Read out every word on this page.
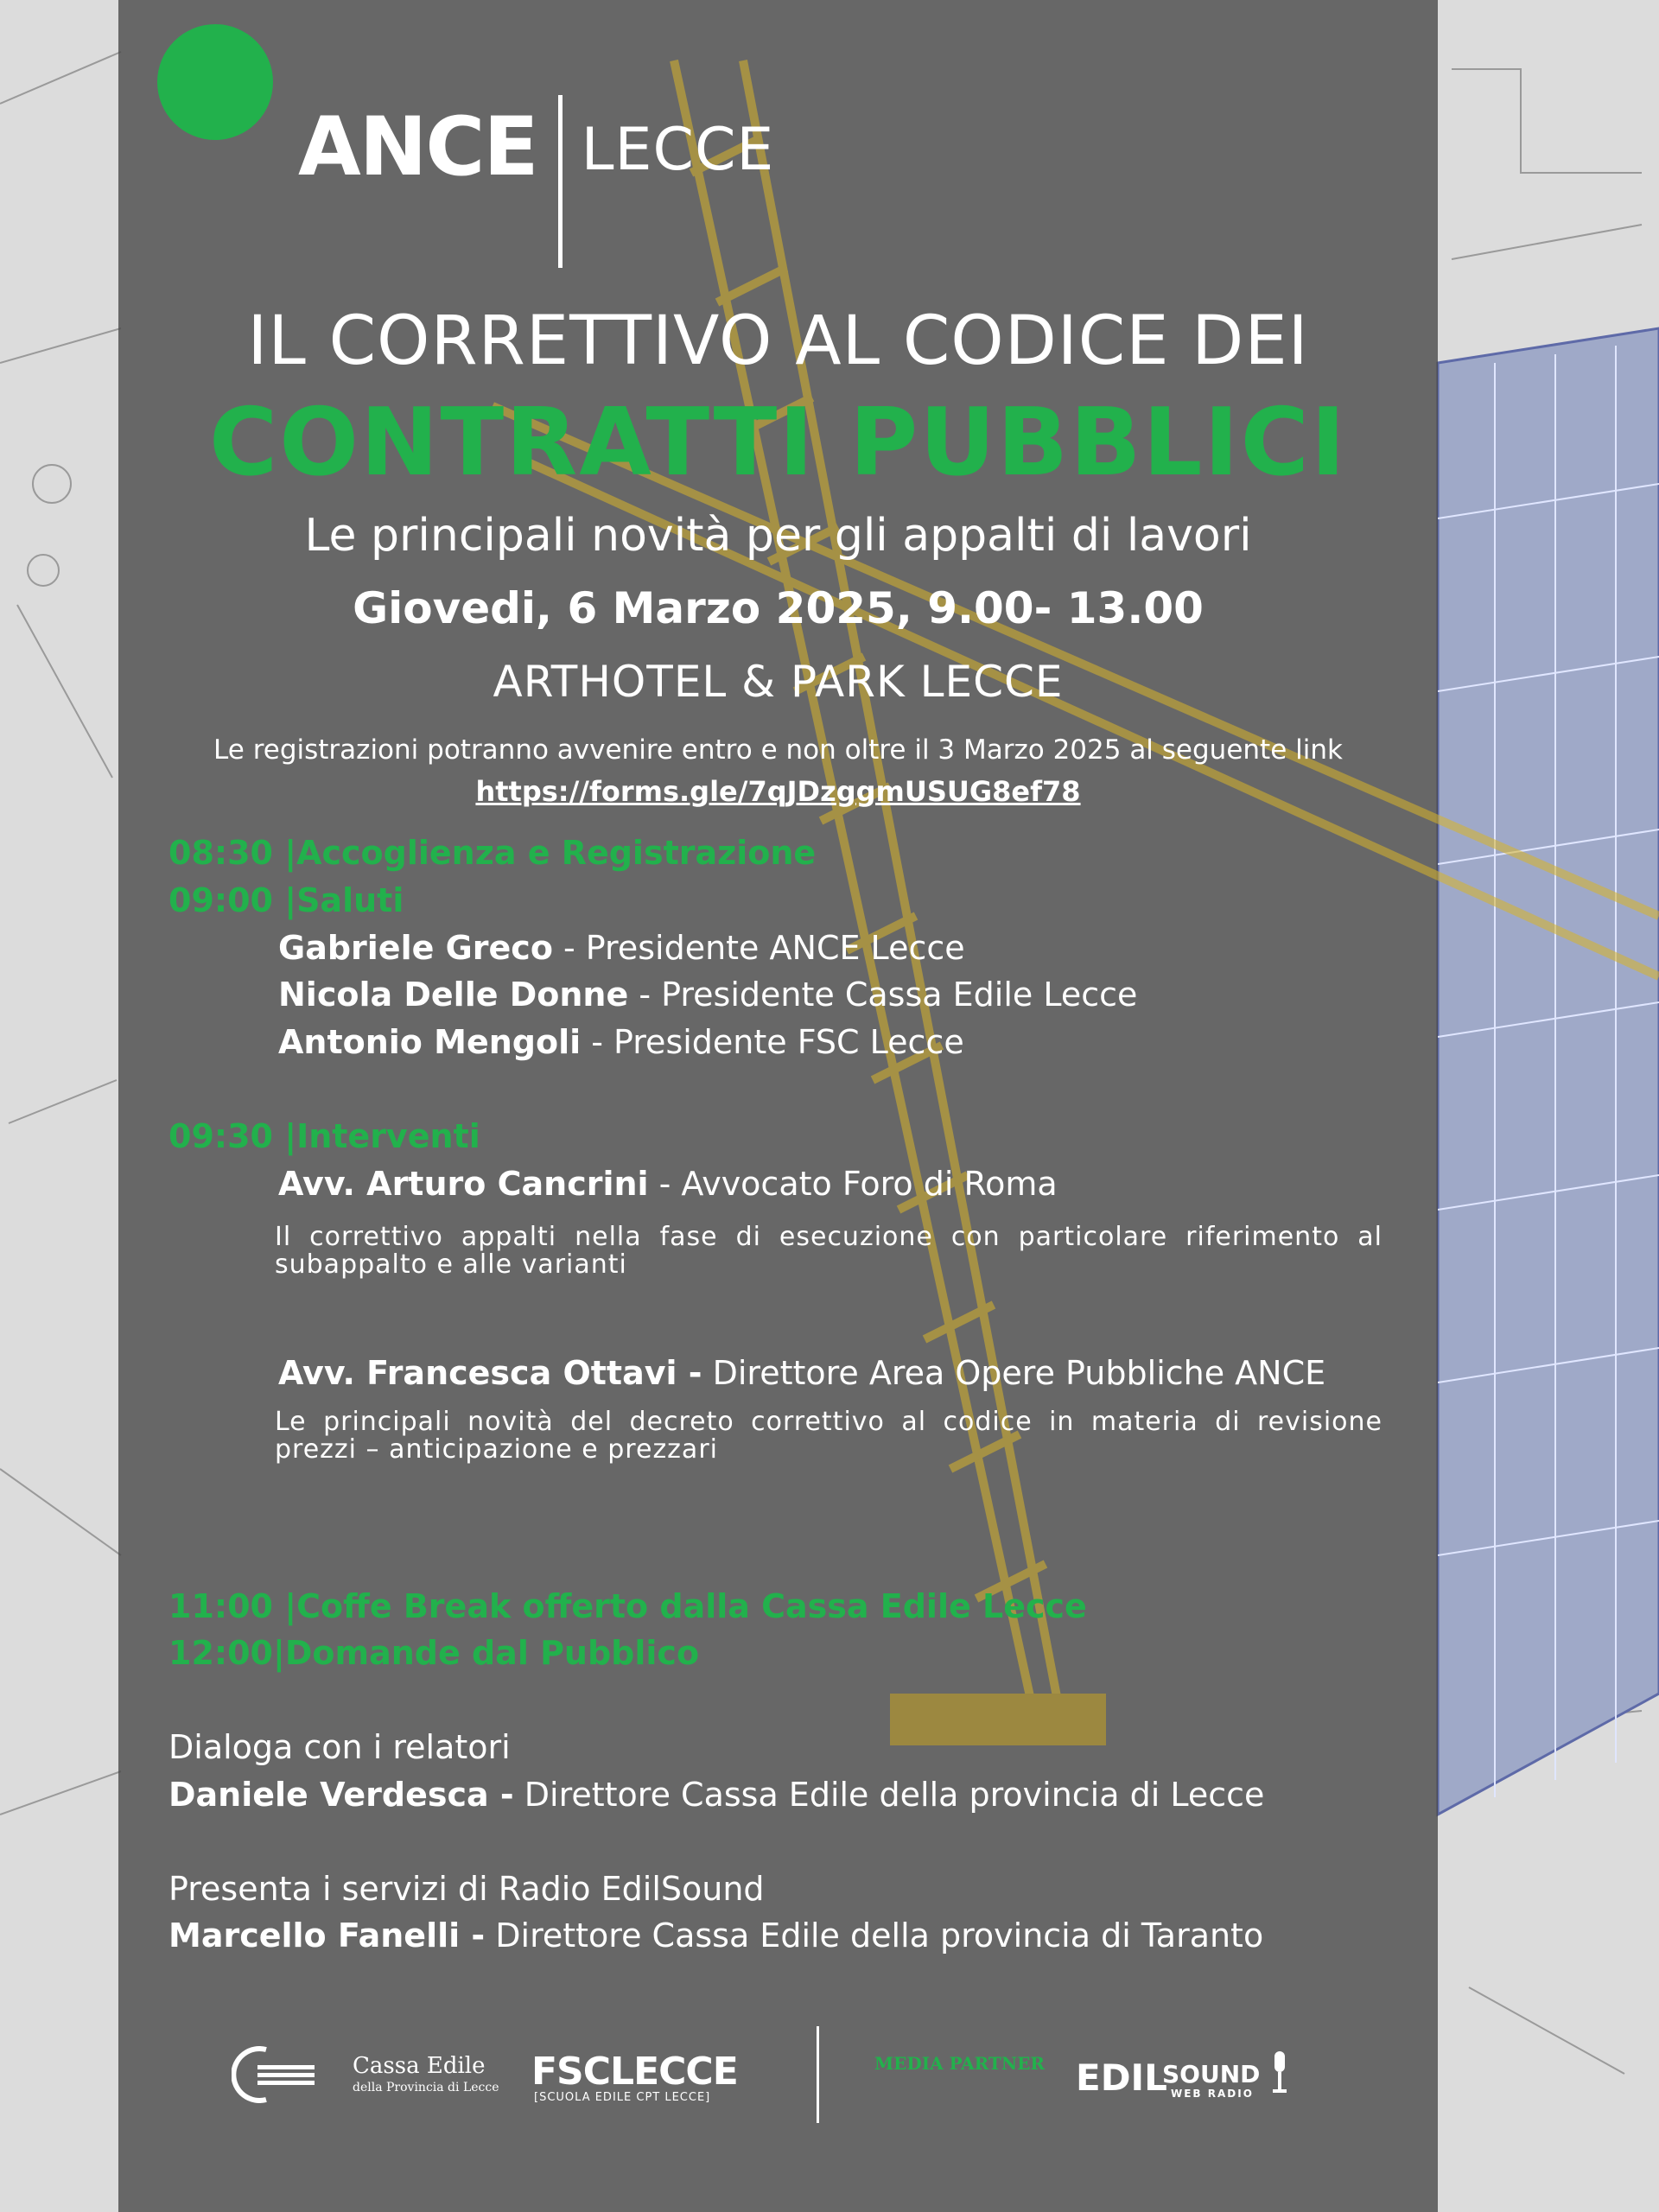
ANCE LECCE
IL CORRETTIVO AL CODICE DEI
CONTRATTI PUBBLICI
Le principali novità per gli appalti di lavori
Giovedi, 6 Marzo 2025, 9.00- 13.00
ARTHOTEL & PARK LECCE
Le registrazioni potranno avvenire entro e non oltre il 3 Marzo 2025 al seguente link
https://forms.gle/7qJDzggmUSUG8ef78
08:30 |Accoglienza e Registrazione
09:00 |Saluti
Gabriele Greco - Presidente ANCE Lecce
Nicola Delle Donne - Presidente Cassa Edile Lecce
Antonio Mengoli - Presidente FSC Lecce
09:30 |Interventi
Avv. Arturo Cancrini - Avvocato Foro di Roma
Il correttivo appalti nella fase di esecuzione con particolare riferimento al subappalto e alle varianti
Avv. Francesca Ottavi - Direttore Area Opere Pubbliche ANCE
Le principali novità del decreto correttivo al codice in materia di revisione prezzi – anticipazione e prezzari
11:00 |Coffe Break offerto dalla Cassa Edile Lecce
12:00|Domande dal Pubblico
Dialoga con i relatori
Daniele Verdesca - Direttore Cassa Edile della provincia di Lecce
Presenta i servizi di Radio EdilSound
Marcello Fanelli - Direttore Cassa Edile della provincia di Taranto
Cassa Edile
della Provincia di Lecce FSCLECCE
[SCUOLA EDILE CPT LECCE]
MEDIA PARTNER EDIL
SOUND
WEB RADIO
